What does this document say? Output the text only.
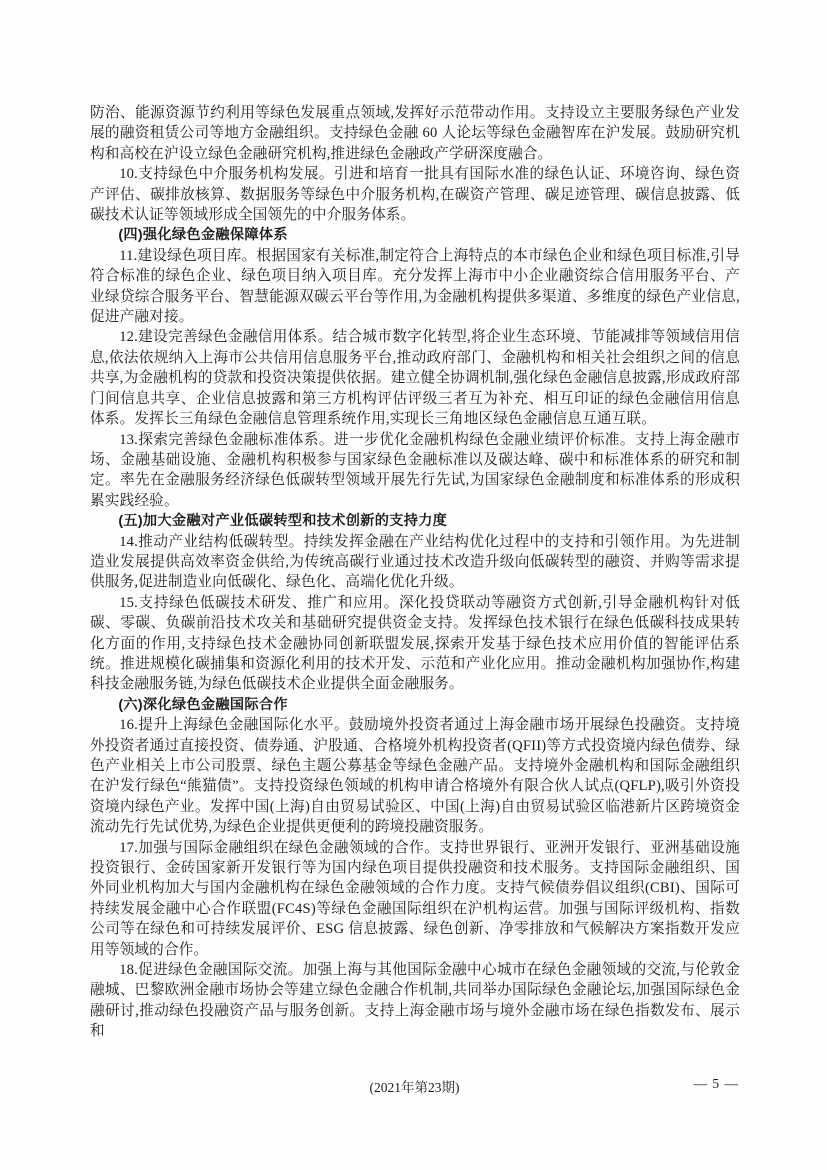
防治、能源资源节约利用等绿色发展重点领域,发挥好示范带动作用。支持设立主要服务绿色产业发展的融资租赁公司等地方金融组织。支持绿色金融 60 人论坛等绿色金融智库在沪发展。鼓励研究机构和高校在沪设立绿色金融研究机构,推进绿色金融政产学研深度融合。

10.支持绿色中介服务机构发展。引进和培育一批具有国际水准的绿色认证、环境咨询、绿色资产评估、碳排放核算、数据服务等绿色中介服务机构,在碳资产管理、碳足迹管理、碳信息披露、低碳技术认证等领域形成全国领先的中介服务体系。

(四)强化绿色金融保障体系

11.建设绿色项目库。根据国家有关标准,制定符合上海特点的本市绿色企业和绿色项目标准,引导符合标准的绿色企业、绿色项目纳入项目库。充分发挥上海市中小企业融资综合信用服务平台、产业绿贷综合服务平台、智慧能源双碳云平台等作用,为金融机构提供多渠道、多维度的绿色产业信息,促进产融对接。

12.建设完善绿色金融信用体系。结合城市数字化转型,将企业生态环境、节能减排等领域信用信息,依法依规纳入上海市公共信用信息服务平台,推动政府部门、金融机构和相关社会组织之间的信息共享,为金融机构的贷款和投资决策提供依据。建立健全协调机制,强化绿色金融信息披露,形成政府部门间信息共享、企业信息披露和第三方机构评估评级三者互为补充、相互印证的绿色金融信用信息体系。发挥长三角绿色金融信息管理系统作用,实现长三角地区绿色金融信息互通互联。

13.探索完善绿色金融标准体系。进一步优化金融机构绿色金融业绩评价标准。支持上海金融市场、金融基础设施、金融机构积极参与国家绿色金融标准以及碳达峰、碳中和标准体系的研究和制定。率先在金融服务经济绿色低碳转型领域开展先行先试,为国家绿色金融制度和标准体系的形成积累实践经验。

(五)加大金融对产业低碳转型和技术创新的支持力度

14.推动产业结构低碳转型。持续发挥金融在产业结构优化过程中的支持和引领作用。为先进制造业发展提供高效率资金供给,为传统高碳行业通过技术改造升级向低碳转型的融资、并购等需求提供服务,促进制造业向低碳化、绿色化、高端化优化升级。

15.支持绿色低碳技术研发、推广和应用。深化投贷联动等融资方式创新,引导金融机构针对低碳、零碳、负碳前沿技术攻关和基础研究提供资金支持。发挥绿色技术银行在绿色低碳科技成果转化方面的作用,支持绿色技术金融协同创新联盟发展,探索开发基于绿色技术应用价值的智能评估系统。推进规模化碳捕集和资源化利用的技术开发、示范和产业化应用。推动金融机构加强协作,构建科技金融服务链,为绿色低碳技术企业提供全面金融服务。

(六)深化绿色金融国际合作

16.提升上海绿色金融国际化水平。鼓励境外投资者通过上海金融市场开展绿色投融资。支持境外投资者通过直接投资、债券通、沪股通、合格境外机构投资者(QFII)等方式投资境内绿色债券、绿色产业相关上市公司股票、绿色主题公募基金等绿色金融产品。支持境外金融机构和国际金融组织在沪发行绿色“熊猫债”。支持投资绿色领域的机构申请合格境外有限合伙人试点(QFLP),吸引外资投资境内绿色产业。发挥中国(上海)自由贸易试验区、中国(上海)自由贸易试验区临港新片区跨境资金流动先行先试优势,为绿色企业提供更便利的跨境投融资服务。

17.加强与国际金融组织在绿色金融领域的合作。支持世界银行、亚洲开发银行、亚洲基础设施投资银行、金砖国家新开发银行等为国内绿色项目提供投融资和技术服务。支持国际金融组织、国外同业机构加大与国内金融机构在绿色金融领域的合作力度。支持气候债券倡议组织(CBI)、国际可持续发展金融中心合作联盟(FC4S)等绿色金融国际组织在沪机构运营。加强与国际评级机构、指数公司等在绿色和可持续发展评价、ESG 信息披露、绿色创新、净零排放和气候解决方案指数开发应用等领域的合作。

18.促进绿色金融国际交流。加强上海与其他国际金融中心城市在绿色金融领域的交流,与伦敦金融城、巴黎欧洲金融市场协会等建立绿色金融合作机制,共同举办国际绿色金融论坛,加强国际绿色金融研讨,推动绿色投融资产品与服务创新。支持上海金融市场与境外金融市场在绿色指数发布、展示和

(2021年第23期)	— 5 —
